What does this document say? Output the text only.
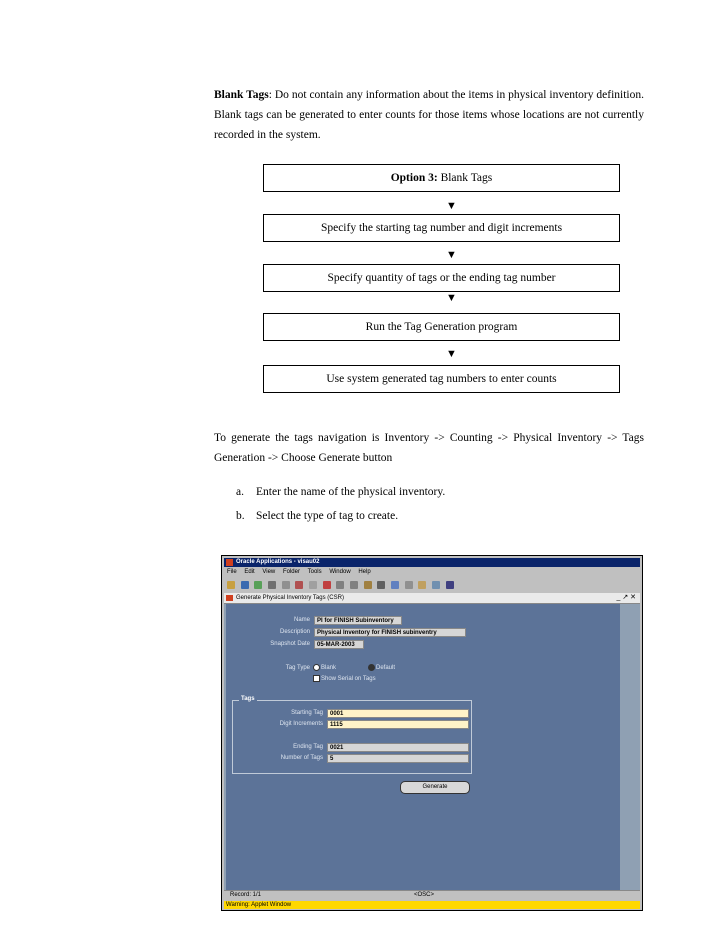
Blank Tags: Do not contain any information about the items in physical inventory definition. Blank tags can be generated to enter counts for those items whose locations are not currently recorded in the system.
Option 3: Blank Tags
▼
Specify the starting tag number and digit increments
▼
Specify quantity of tags or the ending tag number
▼
Run the Tag Generation program
▼
Use system generated tag numbers to enter counts
To generate the tags navigation is Inventory -> Counting -> Physical Inventory -> Tags Generation -> Choose Generate button
a. Enter the name of the physical inventory.
b. Select the type of tag to create.
Oracle Applications - visau02
File Edit View Folder Tools Window Help

Generate Physical Inventory Tags (CSR)	_ ↗ ✕
Name	PI for FINISH Subinventory
Description	Physical Inventory for FINISH subinventry
Snapshot Date	05-MAR-2003
Tag Type	Blank	Default
Show Serial on Tags
Tags
Starting Tag	0001
Digit Increments	1115
Ending Tag	0021
Number of Tags	5
Generate
Record: 1/1	<OSC>
Warning: Applet Window
